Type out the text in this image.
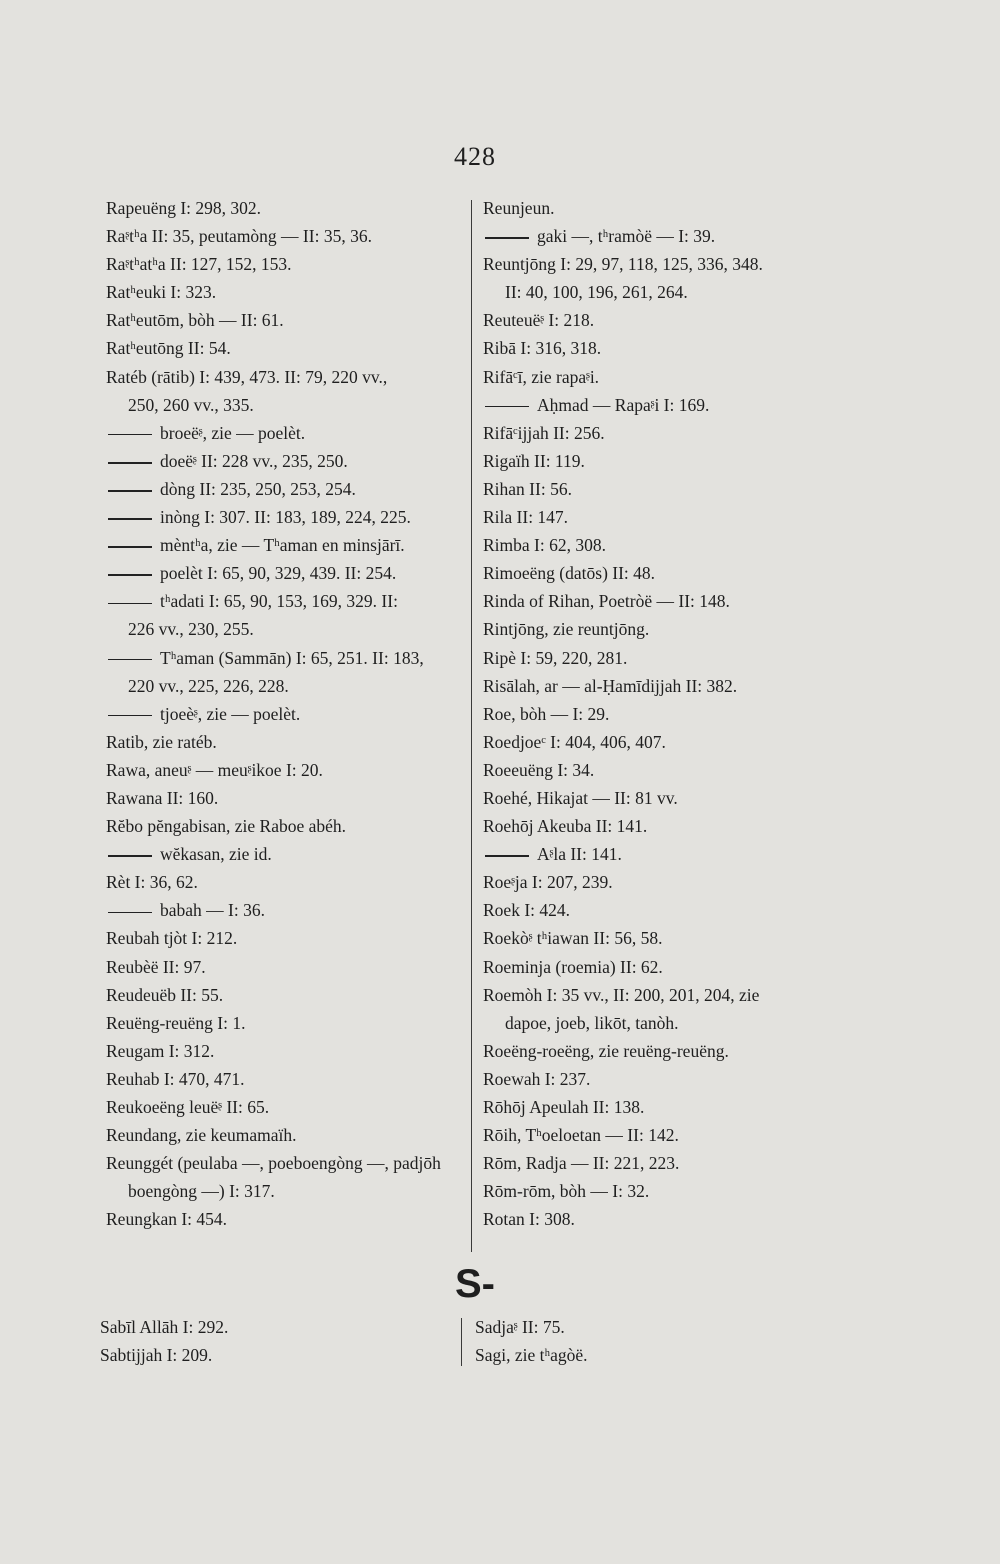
428
Rapeuëng I: 298, 302.
Raᶳtʰa II: 35, peutamòng — II: 35, 36.
Raᶳtʰatʰa II: 127, 152, 153.
Ratʰeuki I: 323.
Ratʰeutōm, bòh — II: 61.
Ratʰeutōng II: 54.
Ratéb (rātib) I: 439, 473. II: 79, 220 vv.,
250, 260 vv., 335.
broeëᶳ, zie — poelèt.
doeëᶳ II: 228 vv., 235, 250.
dòng II: 235, 250, 253, 254.
inòng I: 307. II: 183, 189, 224, 225.
mèntʰa, zie — Tʰaman en minsjārī.
poelèt I: 65, 90, 329, 439. II: 254.
tʰadati I: 65, 90, 153, 169, 329. II:
226 vv., 230, 255.
Tʰaman (Sammān) I: 65, 251. II: 183,
220 vv., 225, 226, 228.
tjoeèᶳ, zie — poelèt.
Ratib, zie ratéb.
Rawa, aneuᶳ — meuᶳikoe I: 20.
Rawana II: 160.
Rĕbo pĕngabisan, zie Raboe abéh.
wĕkasan, zie id.
Rèt I: 36, 62.
babah — I: 36.
Reubah tjòt I: 212.
Reubèë II: 97.
Reudeuëb II: 55.
Reuëng-reuëng I: 1.
Reugam I: 312.
Reuhab I: 470, 471.
Reukoeëng leuëᶳ II: 65.
Reundang, zie keumamaïh.
Reunggét (peulaba —, poeboengòng —, padjōh
boengòng —) I: 317.
Reungkan I: 454.
Reunjeun.
gaki —, tʰramòë — I: 39.
Reuntjōng I: 29, 97, 118, 125, 336, 348.
II: 40, 100, 196, 261, 264.
Reuteuëᶳ I: 218.
Ribā I: 316, 318.
Rifāᶜī, zie rapaᶳi.
Aḥmad — Rapaᶳi I: 169.
Rifāᶜijjah II: 256.
Rigaïh II: 119.
Rihan II: 56.
Rila II: 147.
Rimba I: 62, 308.
Rimoeëng (datōs) II: 48.
Rinda of Rihan, Poetròë — II: 148.
Rintjōng, zie reuntjōng.
Ripè I: 59, 220, 281.
Risālah, ar — al-Ḥamīdijjah II: 382.
Roe, bòh — I: 29.
Roedjoeᶜ I: 404, 406, 407.
Roeeuëng I: 34.
Roehé, Hikajat — II: 81 vv.
Roehōj Akeuba II: 141.
Aᶳla II: 141.
Roeᶳja I: 207, 239.
Roek I: 424.
Roekòᶳ tʰiawan II: 56, 58.
Roeminja (roemia) II: 62.
Roemòh I: 35 vv., II: 200, 201, 204, zie
dapoe, joeb, likōt, tanòh.
Roeëng-roeëng, zie reuëng-reuëng.
Roewah I: 237.
Rōhōj Apeulah II: 138.
Rōih, Tʰoeloetan — II: 142.
Rōm, Radja — II: 221, 223.
Rōm-rōm, bòh — I: 32.
Rotan I: 308.
S-
Sabīl Allāh I: 292.
Sabtijjah I: 209.
Sadjaᶳ II: 75.
Sagi, zie tʰagòë.
